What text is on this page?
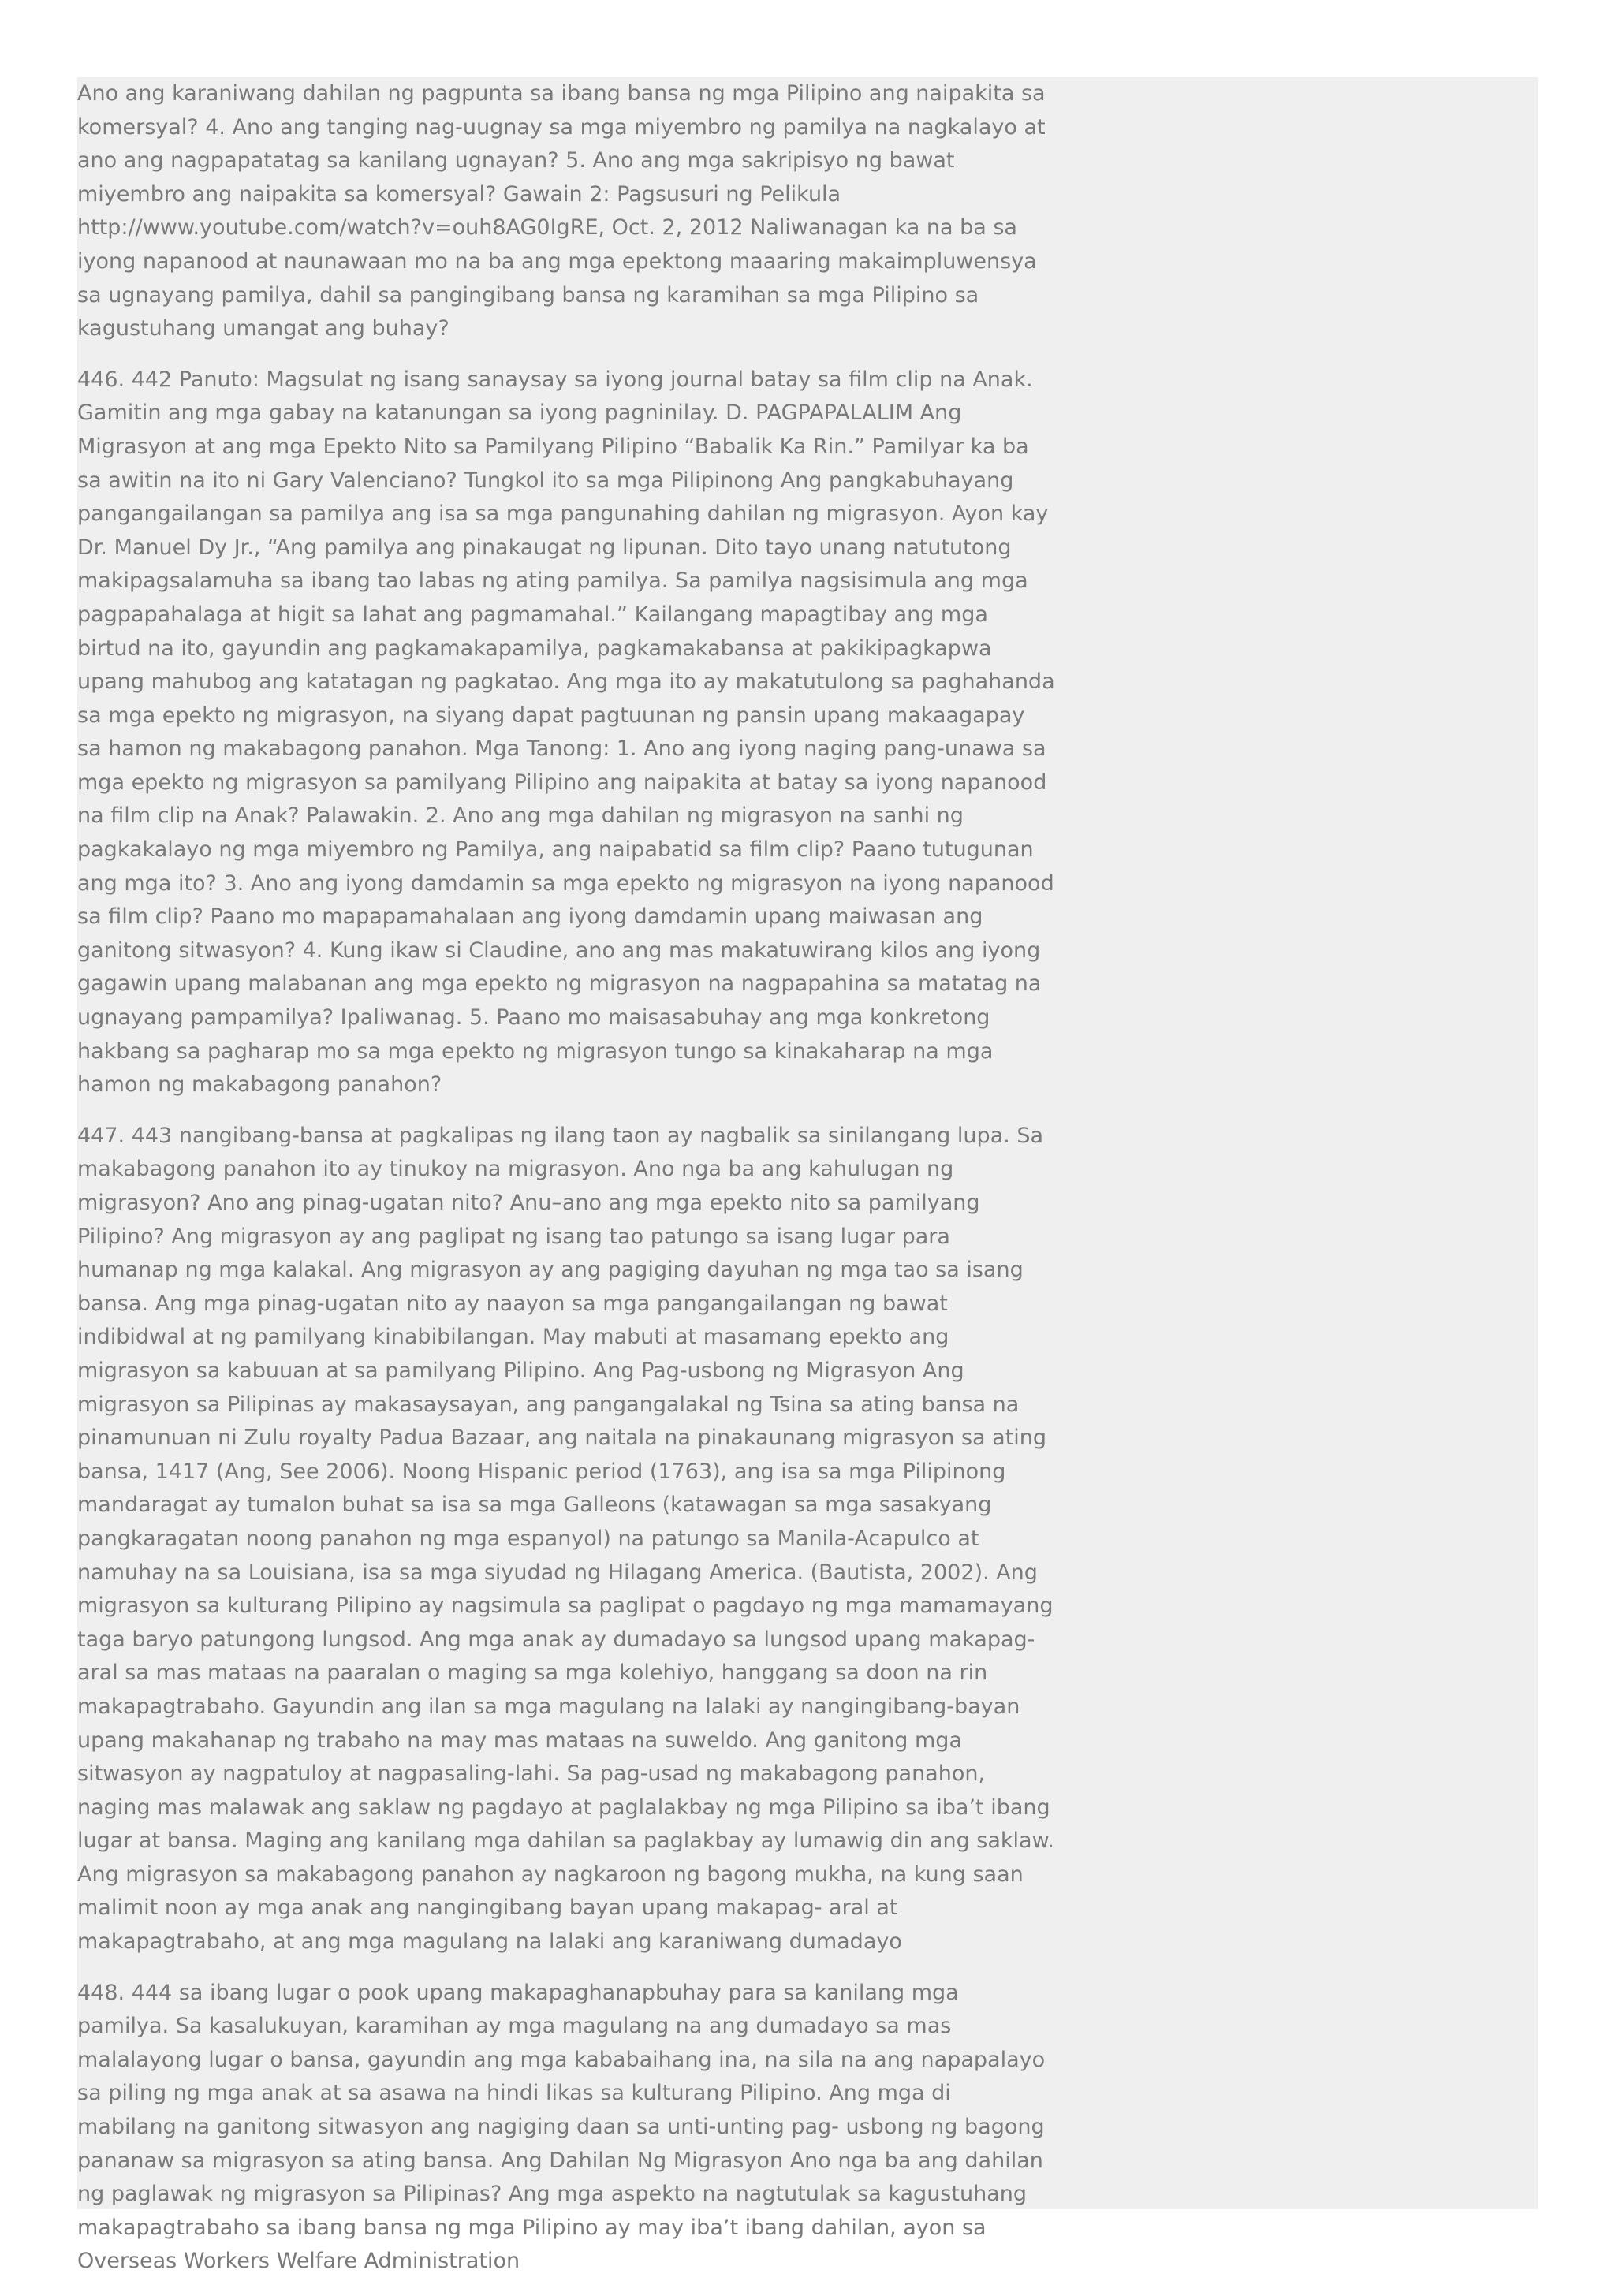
Ano ang karaniwang dahilan ng pagpunta sa ibang bansa ng mga Pilipino ang naipakita sa komersyal? 4. Ano ang tanging nag-uugnay sa mga miyembro ng pamilya na nagkalayo at ano ang nagpapatatag sa kanilang ugnayan? 5. Ano ang mga sakripisyo ng bawat miyembro ang naipakita sa komersyal? Gawain 2: Pagsusuri ng Pelikula http://www.youtube.com/watch?v=ouh8AG0IgRE, Oct. 2, 2012 Naliwanagan ka na ba sa iyong napanood at naunawaan mo na ba ang mga epektong maaaring makaimpluwensya sa ugnayang pamilya, dahil sa pangingibang bansa ng karamihan sa mga Pilipino sa kagustuhang umangat ang buhay?

446. 442 Panuto: Magsulat ng isang sanaysay sa iyong journal batay sa film clip na Anak. Gamitin ang mga gabay na katanungan sa iyong pagninilay. D. PAGPAPALALIM Ang Migrasyon at ang mga Epekto Nito sa Pamilyang Pilipino “Babalik Ka Rin.” Pamilyar ka ba sa awitin na ito ni Gary Valenciano? Tungkol ito sa mga Pilipinong Ang pangkabuhayang pangangailangan sa pamilya ang isa sa mga pangunahing dahilan ng migrasyon. Ayon kay Dr. Manuel Dy Jr., “Ang pamilya ang pinakaugat ng lipunan. Dito tayo unang natututong makipagsalamuha sa ibang tao labas ng ating pamilya. Sa pamilya nagsisimula ang mga pagpapahalaga at higit sa lahat ang pagmamahal.” Kailangang mapagtibay ang mga birtud na ito, gayundin ang pagkamakapamilya, pagkamakabansa at pakikipagkapwa upang mahubog ang katatagan ng pagkatao. Ang mga ito ay makatutulong sa paghahanda sa mga epekto ng migrasyon, na siyang dapat pagtuunan ng pansin upang makaagapay sa hamon ng makabagong panahon. Mga Tanong: 1. Ano ang iyong naging pang-unawa sa mga epekto ng migrasyon sa pamilyang Pilipino ang naipakita at batay sa iyong napanood na film clip na Anak? Palawakin. 2. Ano ang mga dahilan ng migrasyon na sanhi ng pagkakalayo ng mga miyembro ng Pamilya, ang naipabatid sa film clip? Paano tutugunan ang mga ito? 3. Ano ang iyong damdamin sa mga epekto ng migrasyon na iyong napanood sa film clip? Paano mo mapapamahalaan ang iyong damdamin upang maiwasan ang ganitong sitwasyon? 4. Kung ikaw si Claudine, ano ang mas makatuwirang kilos ang iyong gagawin upang malabanan ang mga epekto ng migrasyon na nagpapahina sa matatag na ugnayang pampamilya? Ipaliwanag. 5. Paano mo maisasabuhay ang mga konkretong hakbang sa pagharap mo sa mga epekto ng migrasyon tungo sa kinakaharap na mga hamon ng makabagong panahon?

447. 443 nangibang-bansa at pagkalipas ng ilang taon ay nagbalik sa sinilangang lupa. Sa makabagong panahon ito ay tinukoy na migrasyon. Ano nga ba ang kahulugan ng migrasyon? Ano ang pinag-ugatan nito? Anu–ano ang mga epekto nito sa pamilyang Pilipino? Ang migrasyon ay ang paglipat ng isang tao patungo sa isang lugar para humanap ng mga kalakal. Ang migrasyon ay ang pagiging dayuhan ng mga tao sa isang bansa. Ang mga pinag-ugatan nito ay naayon sa mga pangangailangan ng bawat indibidwal at ng pamilyang kinabibilangan. May mabuti at masamang epekto ang migrasyon sa kabuuan at sa pamilyang Pilipino. Ang Pag-usbong ng Migrasyon Ang migrasyon sa Pilipinas ay makasaysayan, ang pangangalakal ng Tsina sa ating bansa na pinamunuan ni Zulu royalty Padua Bazaar, ang naitala na pinakaunang migrasyon sa ating bansa, 1417 (Ang, See 2006). Noong Hispanic period (1763), ang isa sa mga Pilipinong mandaragat ay tumalon buhat sa isa sa mga Galleons (katawagan sa mga sasakyang pangkaragatan noong panahon ng mga espanyol) na patungo sa Manila-Acapulco at namuhay na sa Louisiana, isa sa mga siyudad ng Hilagang America. (Bautista, 2002). Ang migrasyon sa kulturang Pilipino ay nagsimula sa paglipat o pagdayo ng mga mamamayang taga baryo patungong lungsod. Ang mga anak ay dumadayo sa lungsod upang makapag-aral sa mas mataas na paaralan o maging sa mga kolehiyo, hanggang sa doon na rin makapagtrabaho. Gayundin ang ilan sa mga magulang na lalaki ay nangingibang-bayan upang makahanap ng trabaho na may mas mataas na suweldo. Ang ganitong mga sitwasyon ay nagpatuloy at nagpasaling-lahi. Sa pag-usad ng makabagong panahon, naging mas malawak ang saklaw ng pagdayo at paglalakbay ng mga Pilipino sa iba’t ibang lugar at bansa. Maging ang kanilang mga dahilan sa paglakbay ay lumawig din ang saklaw. Ang migrasyon sa makabagong panahon ay nagkaroon ng bagong mukha, na kung saan malimit noon ay mga anak ang nangingibang bayan upang makapag- aral at makapagtrabaho, at ang mga magulang na lalaki ang karaniwang dumadayo

448. 444 sa ibang lugar o pook upang makapaghanapbuhay para sa kanilang mga pamilya. Sa kasalukuyan, karamihan ay mga magulang na ang dumadayo sa mas malalayong lugar o bansa, gayundin ang mga kababaihang ina, na sila na ang napapalayo sa piling ng mga anak at sa asawa na hindi likas sa kulturang Pilipino. Ang mga di mabilang na ganitong sitwasyon ang nagiging daan sa unti-unting pag- usbong ng bagong pananaw sa migrasyon sa ating bansa. Ang Dahilan Ng Migrasyon Ano nga ba ang dahilan ng paglawak ng migrasyon sa Pilipinas? Ang mga aspekto na nagtutulak sa kagustuhang makapagtrabaho sa ibang bansa ng mga Pilipino ay may iba’t ibang dahilan, ayon sa Overseas Workers Welfare Administration
